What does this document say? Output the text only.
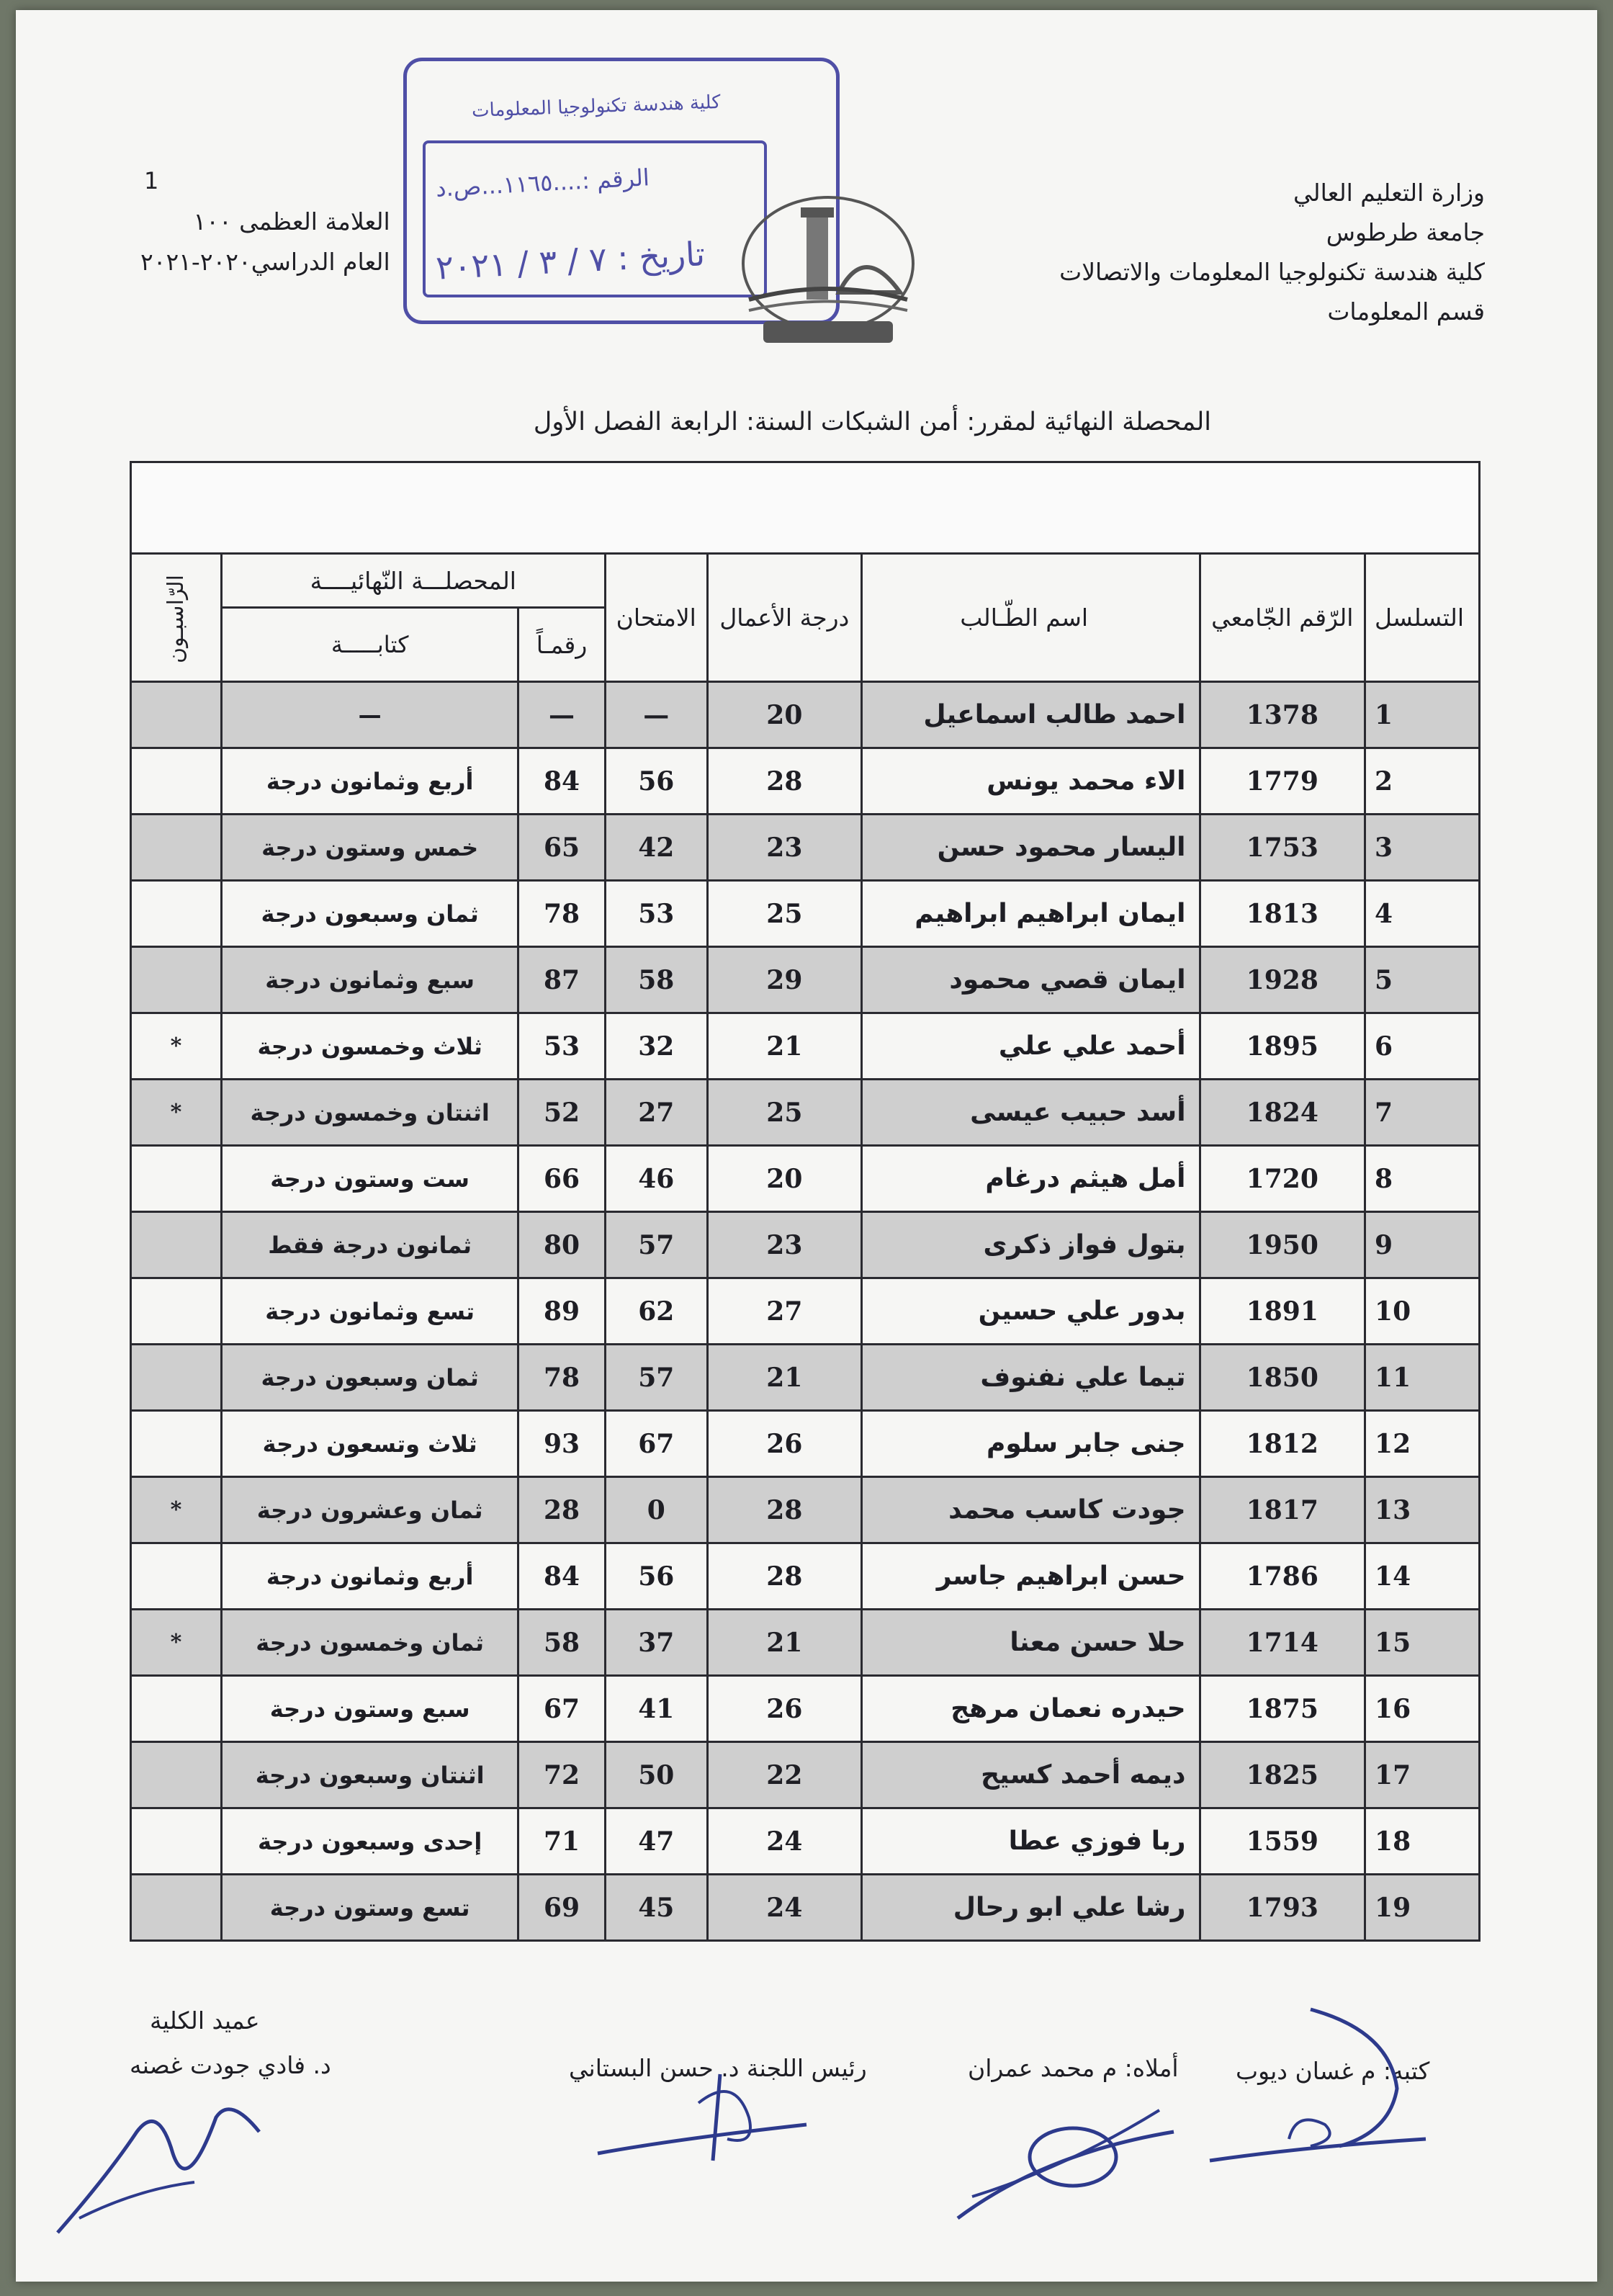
1	وزارة التعليم العالي
جامعة طرطوس
كلية هندسة تكنولوجيا المعلومات والاتصالات
قسم المعلومات
العلامة العظمى ١٠٠
العام الدراسي٢٠٢٠-٢٠٢١
كلية هندسة تكنولوجيا المعلومات
الرقم :....١١٦٥...ص.د
تاريخ : ٧ / ٣ / ٢٠٢١
المحصلة النهائية لمقرر: أمن الشبكات السنة: الرابعة الفصل الأول

التسلسل	الرّقم الجّامعي	اسم الطّـالب	درجة الأعمال	الامتحان	المحصلـــة النّهائيــــة		الرّاسبـون
					رقمـاً	كتابـــــة	
1	1378	احمد طالب اسماعيل	20	—	—	—	
2	1779	الاء محمد يونس	28	56	84	أربع وثمانون درجة	
3	1753	اليسار محمود حسن	23	42	65	خمس وستون درجة	
4	1813	ايمان ابراهيم ابراهيم	25	53	78	ثمان وسبعون درجة	
5	1928	ايمان قصي محمود	29	58	87	سبع وثمانون درجة	
6	1895	أحمد علي علي	21	32	53	ثلاث وخمسون درجة	*
7	1824	أسد حبيب عيسى	25	27	52	اثنتان وخمسون درجة	*
8	1720	أمل هيثم درغام	20	46	66	ست وستون درجة	
9	1950	بتول فواز ذكرى	23	57	80	ثمانون درجة فقط	
10	1891	بدور علي حسين	27	62	89	تسع وثمانون درجة	
11	1850	تيما علي نفنوف	21	57	78	ثمان وسبعون درجة	
12	1812	جنى جابر سلوم	26	67	93	ثلاث وتسعون درجة	
13	1817	جودت كاسب محمد	28	0	28	ثمان وعشرون درجة	*
14	1786	حسن ابراهيم جاسر	28	56	84	أربع وثمانون درجة	
15	1714	حلا حسن معنا	21	37	58	ثمان وخمسون درجة	*
16	1875	حيدره نعمان مرهج	26	41	67	سبع وستون درجة	
17	1825	ديمه أحمد كسيح	22	50	72	اثنتان وسبعون درجة	
18	1559	ربا فوزي عطا	24	47	71	إحدى وسبعون درجة	
19	1793	رشا علي ابو رحال	24	45	69	تسع وستون درجة	
عميد الكلية
د. فادي جودت غصنه	رئيس اللجنة د. حسن البستاني	أملاه: م محمد عمران كتبه: م غسان ديوب
